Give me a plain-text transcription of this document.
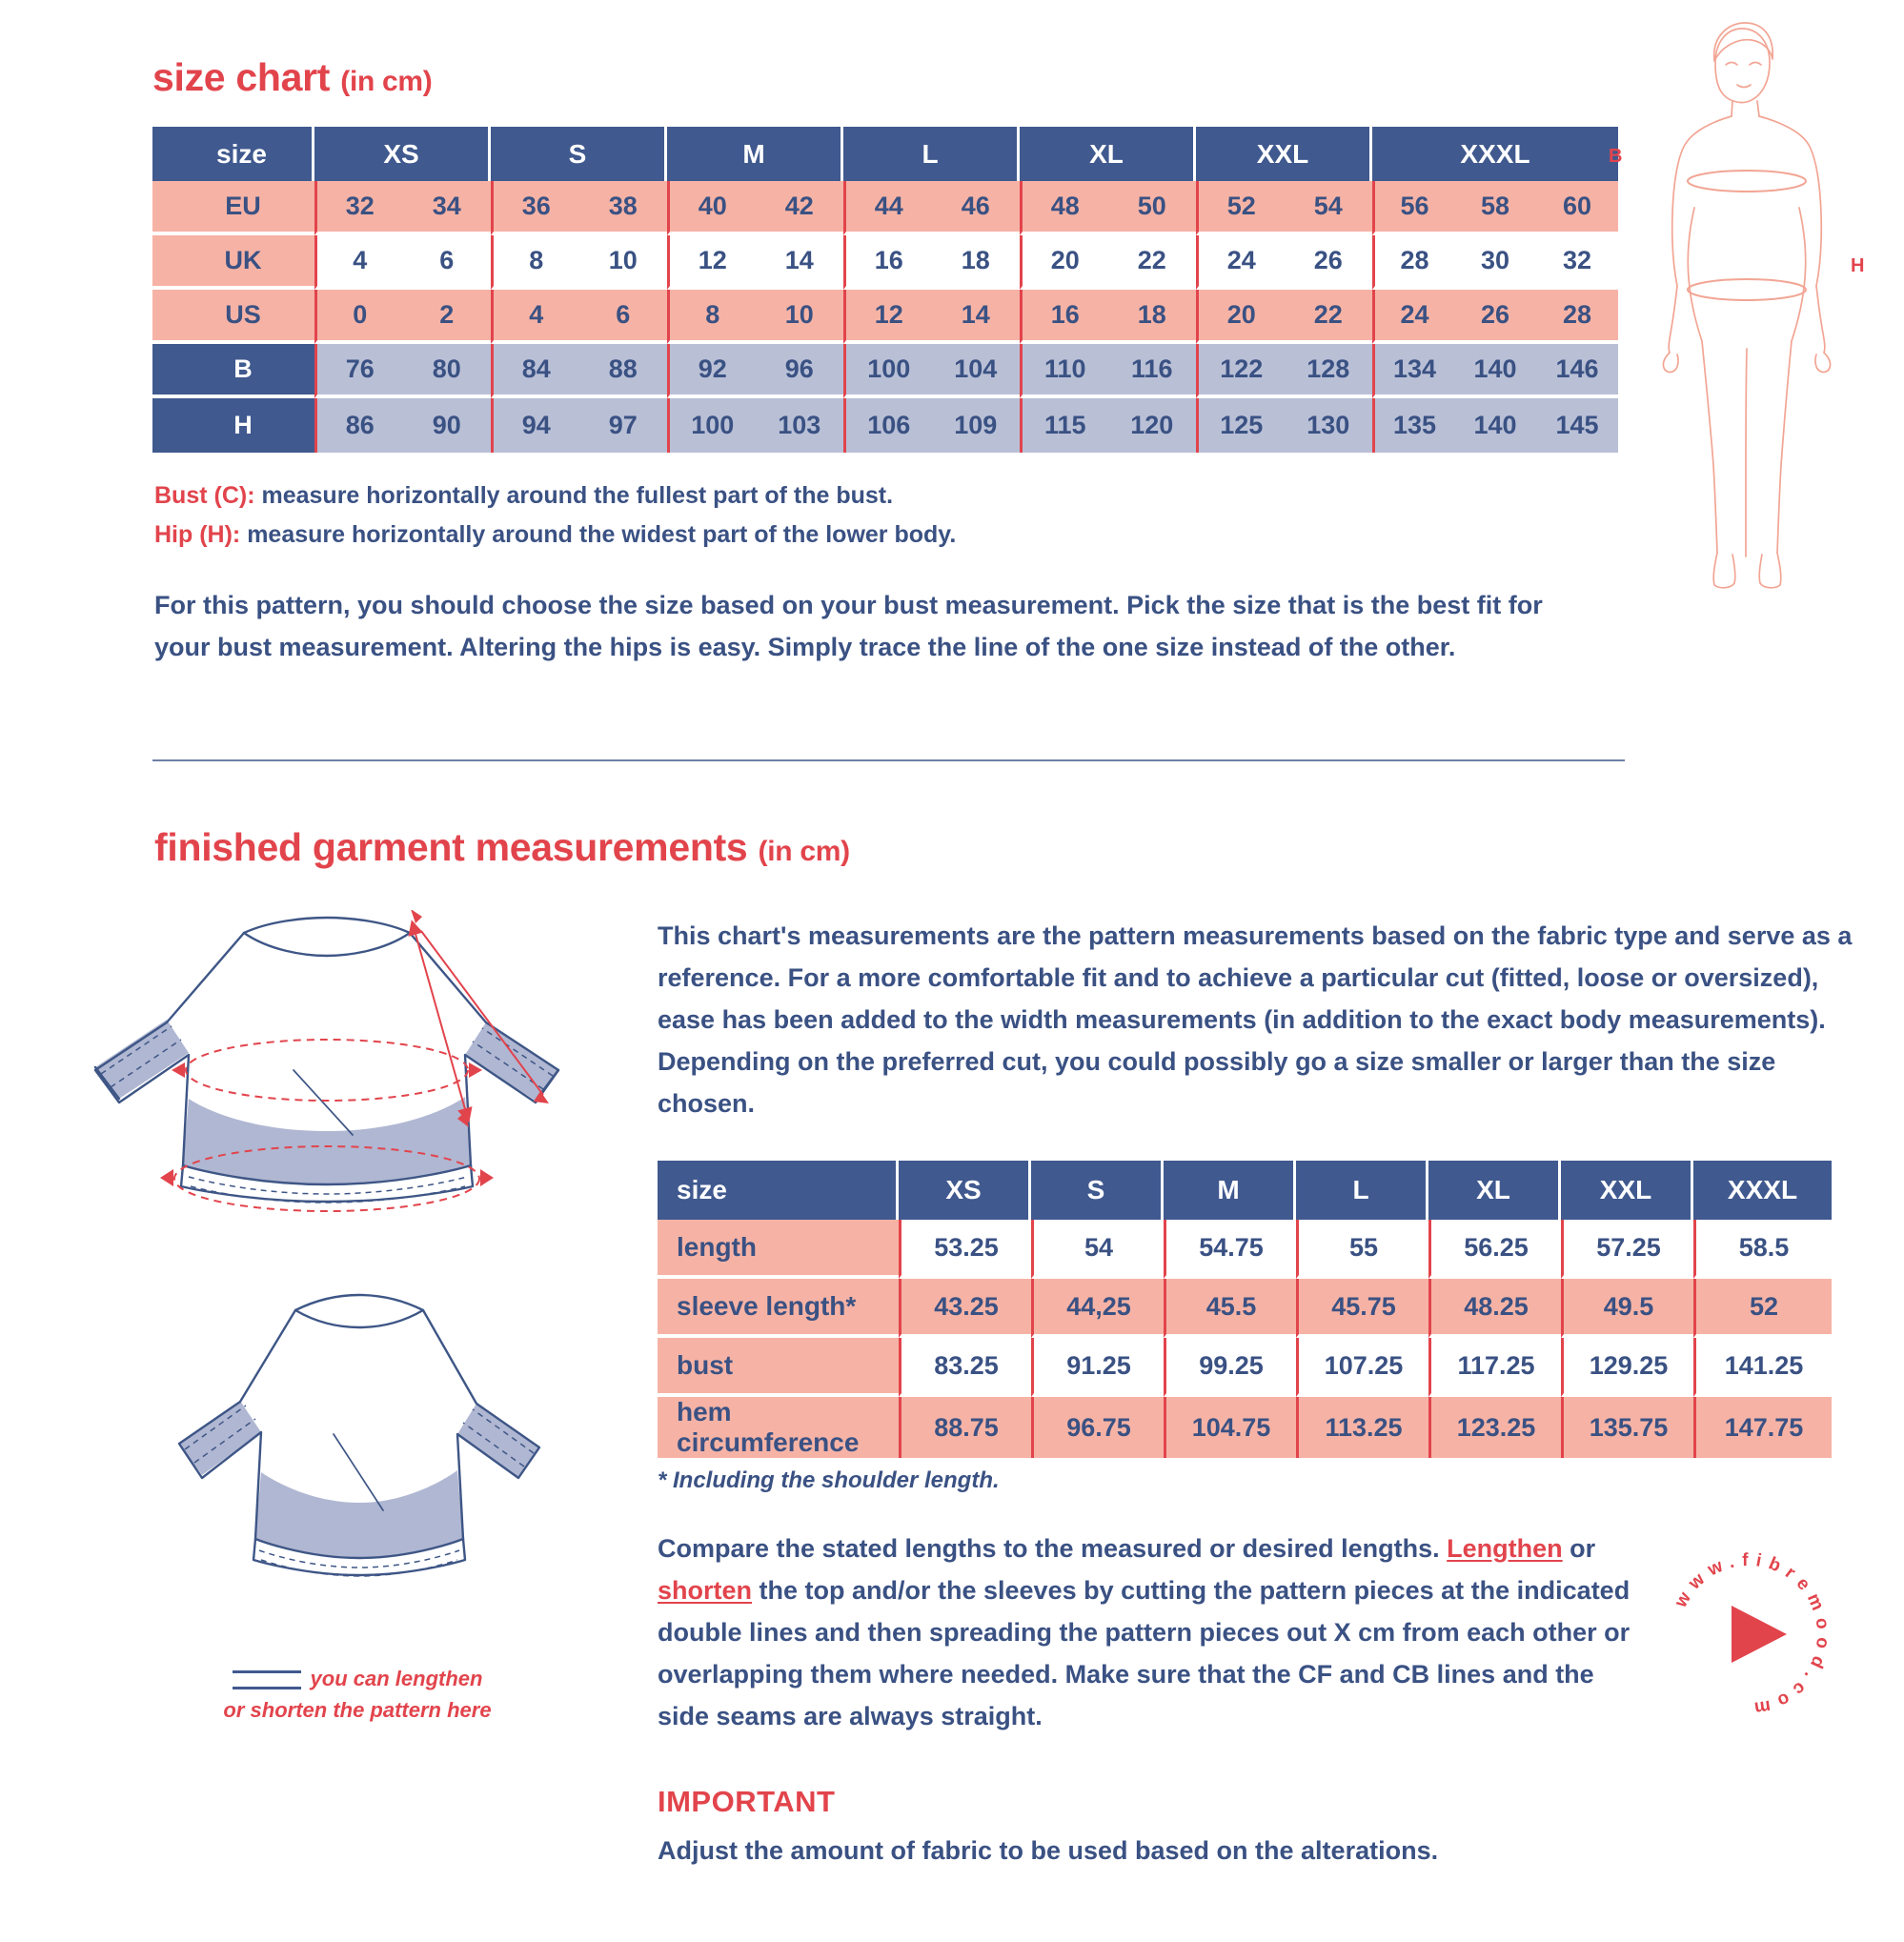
size chart (in cm)
size	XS		S		M		L		XL		XXL		XXXL		
EU	32	34	36	38	40	42	44	46	48	50	52	54	56	58	60
UK	4	6	8	10	12	14	16	18	20	22	24	26	28	30	32
US	0	2	4	6	8	10	12	14	16	18	20	22	24	26	28
B	76	80	84	88	92	96	100	104	110	116	122	128	134	140	146
H	86	90	94	97	100	103	106	109	115	120	125	130	135	140	145
Bust (C): measure horizontally around the fullest part of the bust.
Hip (H): measure horizontally around the widest part of the lower body.
For this pattern, you should choose the size based on your bust measurement. Pick the size that is the best fit for your bust measurement. Altering the hips is easy. Simply trace the line of the one size instead of the other.
B
H
finished garment measurements (in cm)
you can lengthen
or shorten the pattern here
This chart's measurements are the pattern measurements based on the fabric type and serve as a reference. For a more comfortable fit and to achieve a particular cut (fitted, loose or oversized), ease has been added to the width measurements (in addition to the exact body measurements). Depending on the preferred cut, you could possibly go a size smaller or larger than the size chosen.
size	XS	S	M	L	XL	XXL	XXXL
length	53.25	54	54.75	55	56.25	57.25	58.5
sleeve length*	43.25	44,25	45.5	45.75	48.25	49.5	52
bust	83.25	91.25	99.25	107.25	117.25	129.25	141.25
hem circumference	88.75	96.75	104.75	113.25	123.25	135.75	147.75
* Including the shoulder length.
Compare the stated lengths to the measured or desired lengths. Lengthen or shorten the top and/or the sleeves by cutting the pattern pieces at the indicated double lines and then spreading the pattern pieces out X cm from each other or overlapping them where needed. Make sure that the CF and CB lines and the side seams are always straight.
IMPORTANT
Adjust the amount of fabric to be used based on the alterations.
www.fibremood.com
